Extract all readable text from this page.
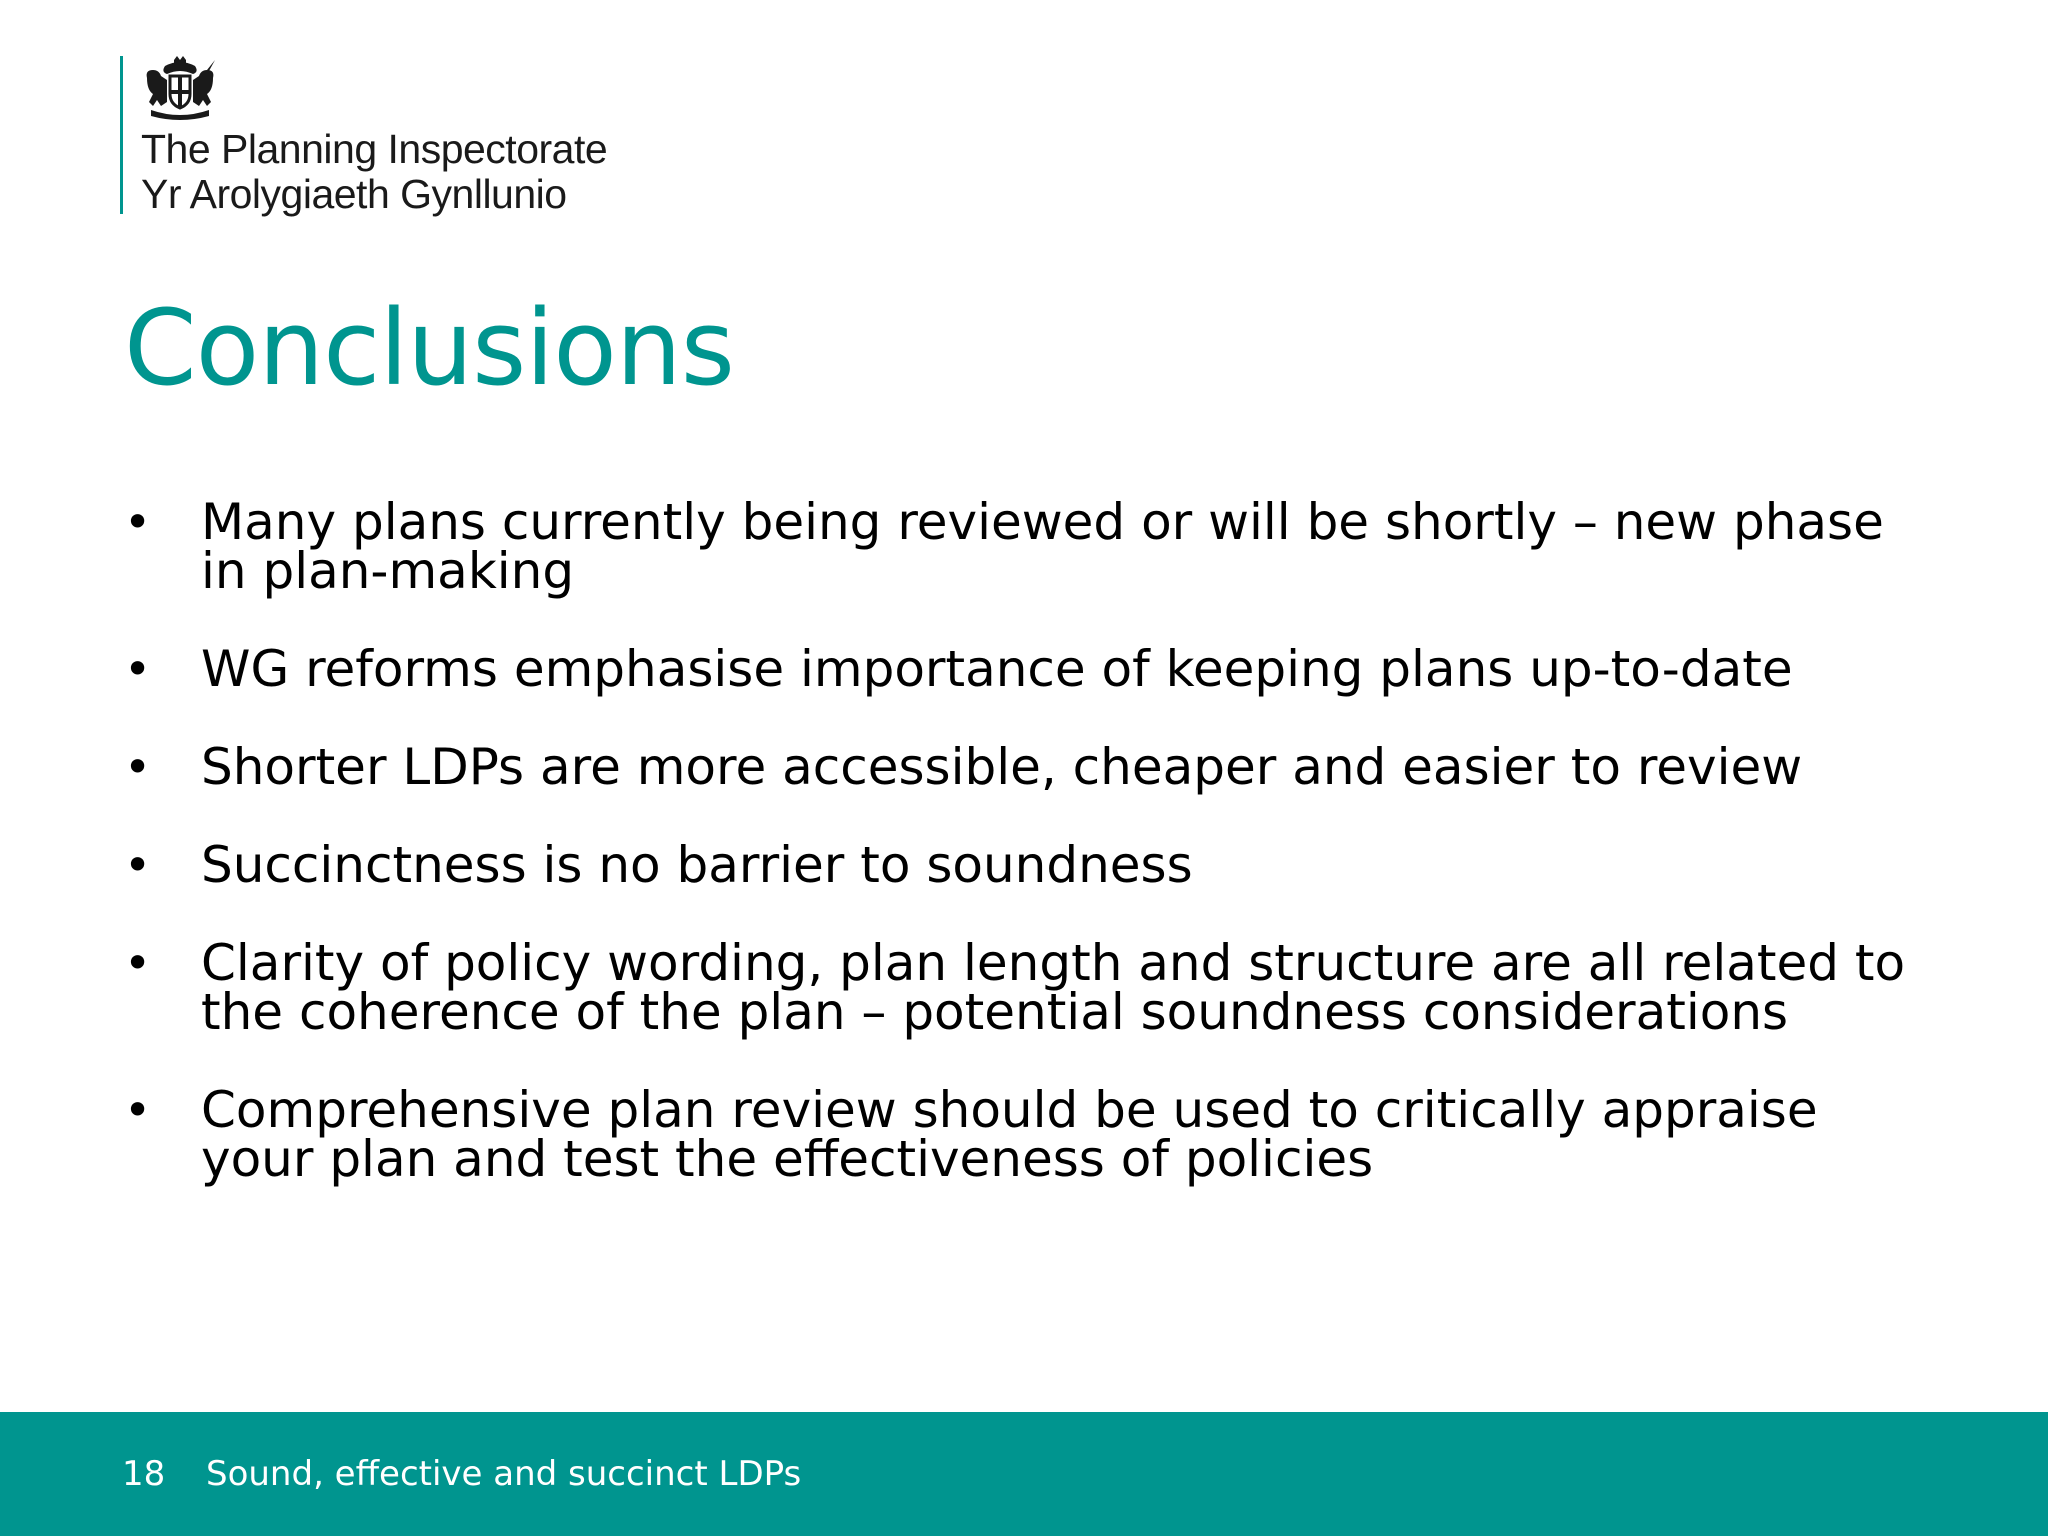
The Planning Inspectorate
Yr Arolygiaeth Gynllunio
Conclusions
• Many plans currently being reviewed or will be shortly – new phase in plan-making
• WG reforms emphasise importance of keeping plans up-to-date
• Shorter LDPs are more accessible, cheaper and easier to review
• Succinctness is no barrier to soundness
• Clarity of policy wording, plan length and structure are all related to the coherence of the plan – potential soundness considerations
• Comprehensive plan review should be used to critically appraise your plan and test the effectiveness of policies
18 Sound, effective and succinct LDPs
